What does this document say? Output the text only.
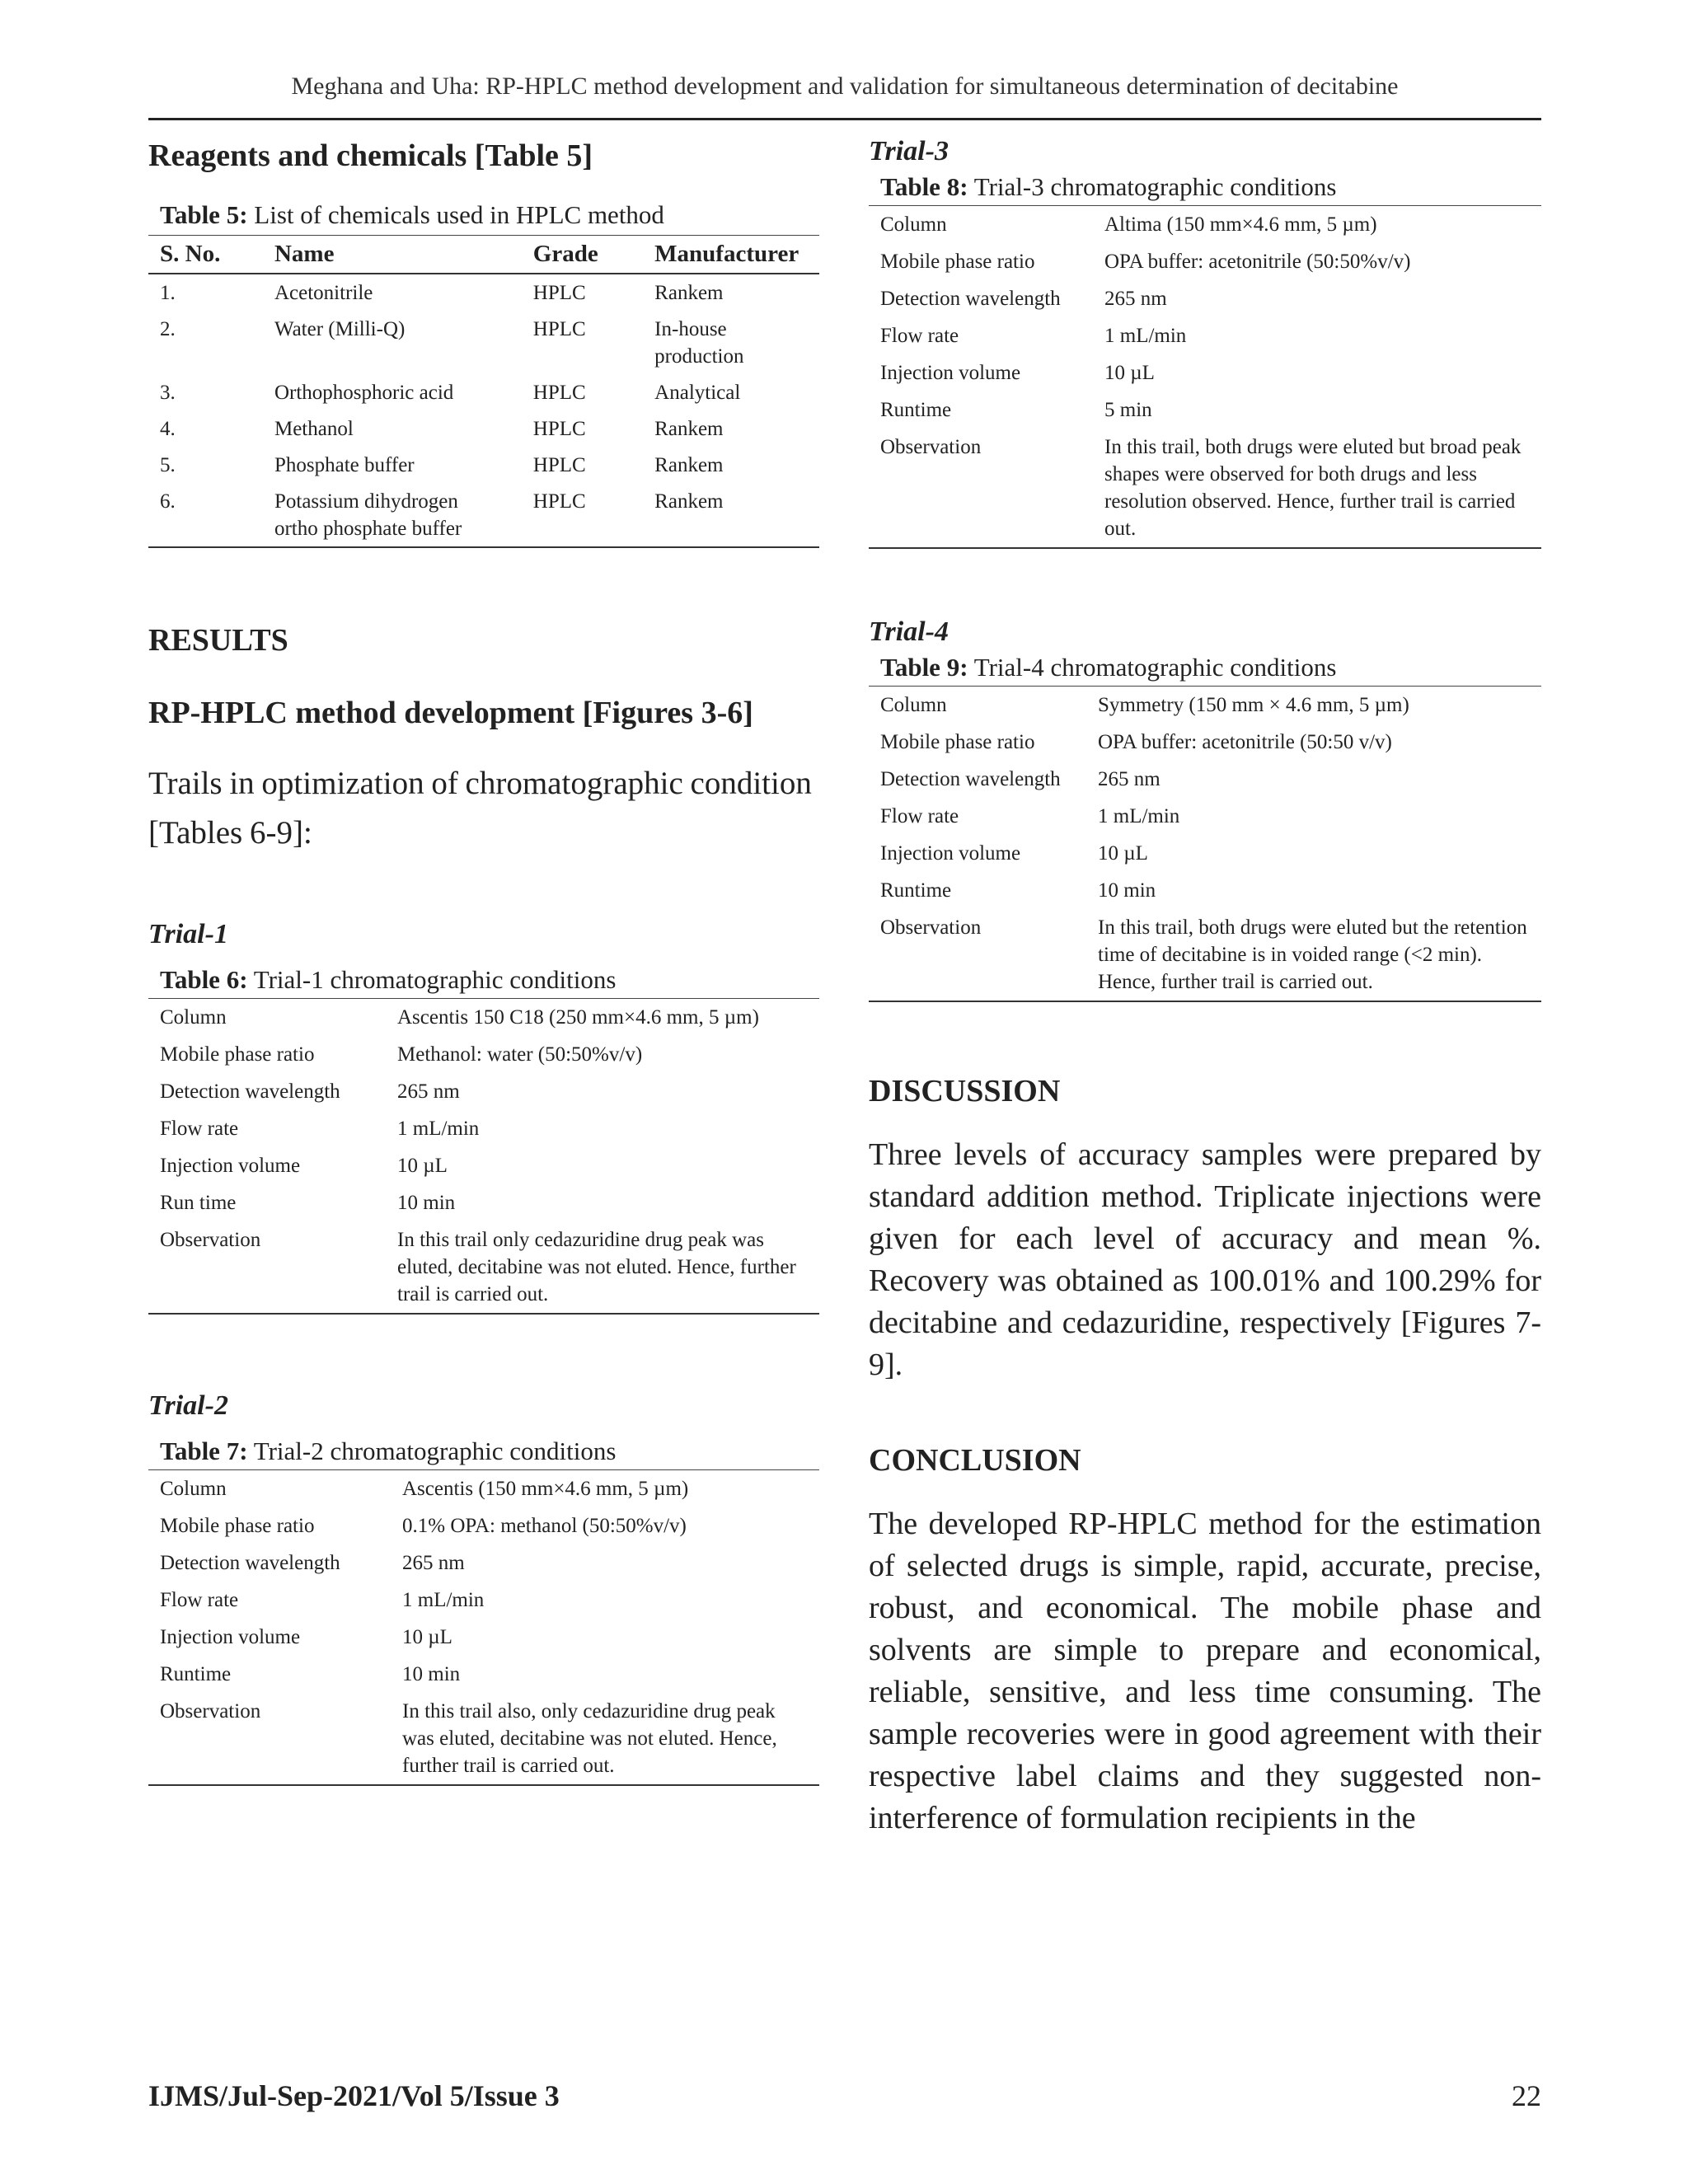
Meghana and Uha: RP-HPLC method development and validation for simultaneous determination of decitabine

Reagents and chemicals [Table 5]

Table 5: List of chemicals used in HPLC method

S. No.	Name	Grade	Manufacturer
1.	Acetonitrile	HPLC	Rankem
2.	Water (Milli-Q)	HPLC	In-house production
3.	Orthophosphoric acid	HPLC	Analytical
4.	Methanol	HPLC	Rankem
5.	Phosphate buffer	HPLC	Rankem
6.	Potassium dihydrogen ortho phosphate buffer	HPLC	Rankem

RESULTS

RP-HPLC method development [Figures 3-6]

Trails in optimization of chromatographic condition [Tables 6-9]:

Trial-1

Table 6: Trial-1 chromatographic conditions

Column	Ascentis 150 C18 (250 mm×4.6 mm, 5 µm)
Mobile phase ratio	Methanol: water (50:50%v/v)
Detection wavelength	265 nm
Flow rate	1 mL/min
Injection volume	10 µL
Run time	10 min
Observation	In this trail only cedazuridine drug peak was eluted, decitabine was not eluted. Hence, further trail is carried out.

Trial-2

Table 7: Trial-2 chromatographic conditions

Column	Ascentis (150 mm×4.6 mm, 5 µm)
Mobile phase ratio	0.1% OPA: methanol (50:50%v/v)
Detection wavelength	265 nm
Flow rate	1 mL/min
Injection volume	10 µL
Runtime	10 min
Observation	In this trail also, only cedazuridine drug peak was eluted, decitabine was not eluted. Hence, further trail is carried out.

Trial-3

Table 8: Trial-3 chromatographic conditions

Column	Altima (150 mm×4.6 mm, 5 µm)
Mobile phase ratio	OPA buffer: acetonitrile (50:50%v/v)
Detection wavelength	265 nm
Flow rate	1 mL/min
Injection volume	10 µL
Runtime	5 min
Observation	In this trail, both drugs were eluted but broad peak shapes were observed for both drugs and less resolution observed. Hence, further trail is carried out.

Trial-4

Table 9: Trial-4 chromatographic conditions

Column	Symmetry (150 mm × 4.6 mm, 5 µm)
Mobile phase ratio	OPA buffer: acetonitrile (50:50 v/v)
Detection wavelength	265 nm
Flow rate	1 mL/min
Injection volume	10 µL
Runtime	10 min
Observation	In this trail, both drugs were eluted but the retention time of decitabine is in voided range (<2 min). Hence, further trail is carried out.

DISCUSSION

Three levels of accuracy samples were prepared by standard addition method. Triplicate injections were given for each level of accuracy and mean %. Recovery was obtained as 100.01% and 100.29% for decitabine and cedazuridine, respectively [Figures 7-9].

CONCLUSION

The developed RP-HPLC method for the estimation of selected drugs is simple, rapid, accurate, precise, robust, and economical. The mobile phase and solvents are simple to prepare and economical, reliable, sensitive, and less time consuming. The sample recoveries were in good agreement with their respective label claims and they suggested non-interference of formulation recipients in the

IJMS/Jul-Sep-2021/Vol 5/Issue 3	22
